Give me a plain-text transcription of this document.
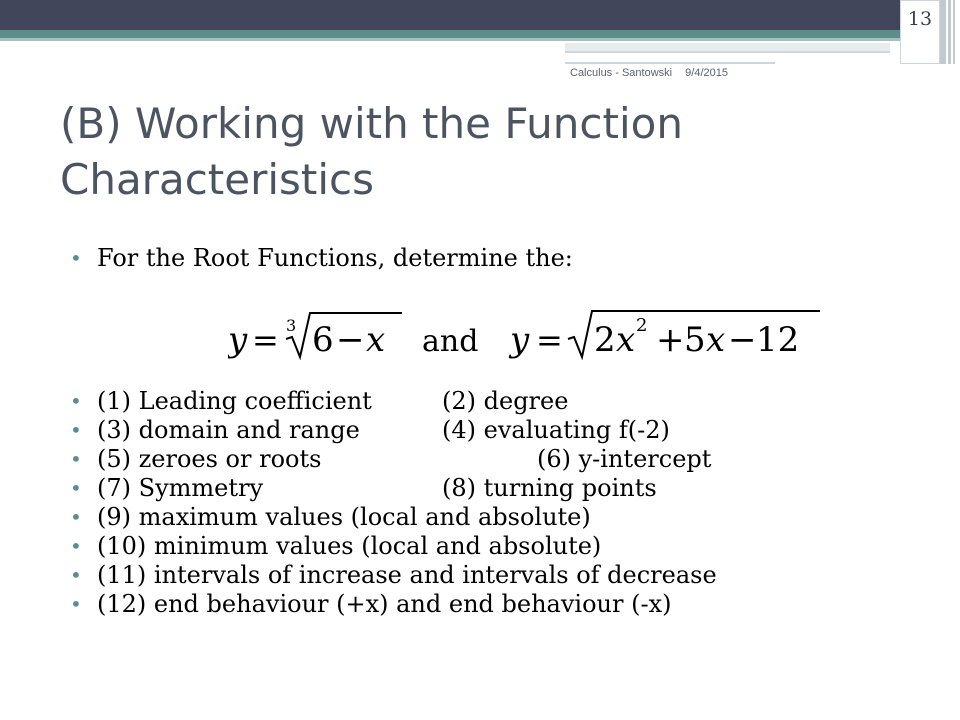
13
Calculus - Santowski 9/4/2015
(B) Working with the Function Characteristics
• For the Root Functions, determine the:
y = 3 6 − x and y = 2 x 2 + 5 x − 12
• (1) Leading coefficient	(2) degree
• (3) domain and range	(4) evaluating f(-2)
• (5) zeroes or roots	(6) y-intercept
• (7) Symmetry	(8) turning points
• (9) maximum values (local and absolute)
• (10) minimum values (local and absolute)
• (11) intervals of increase and intervals of decrease
• (12) end behaviour (+x) and end behaviour (-x)
